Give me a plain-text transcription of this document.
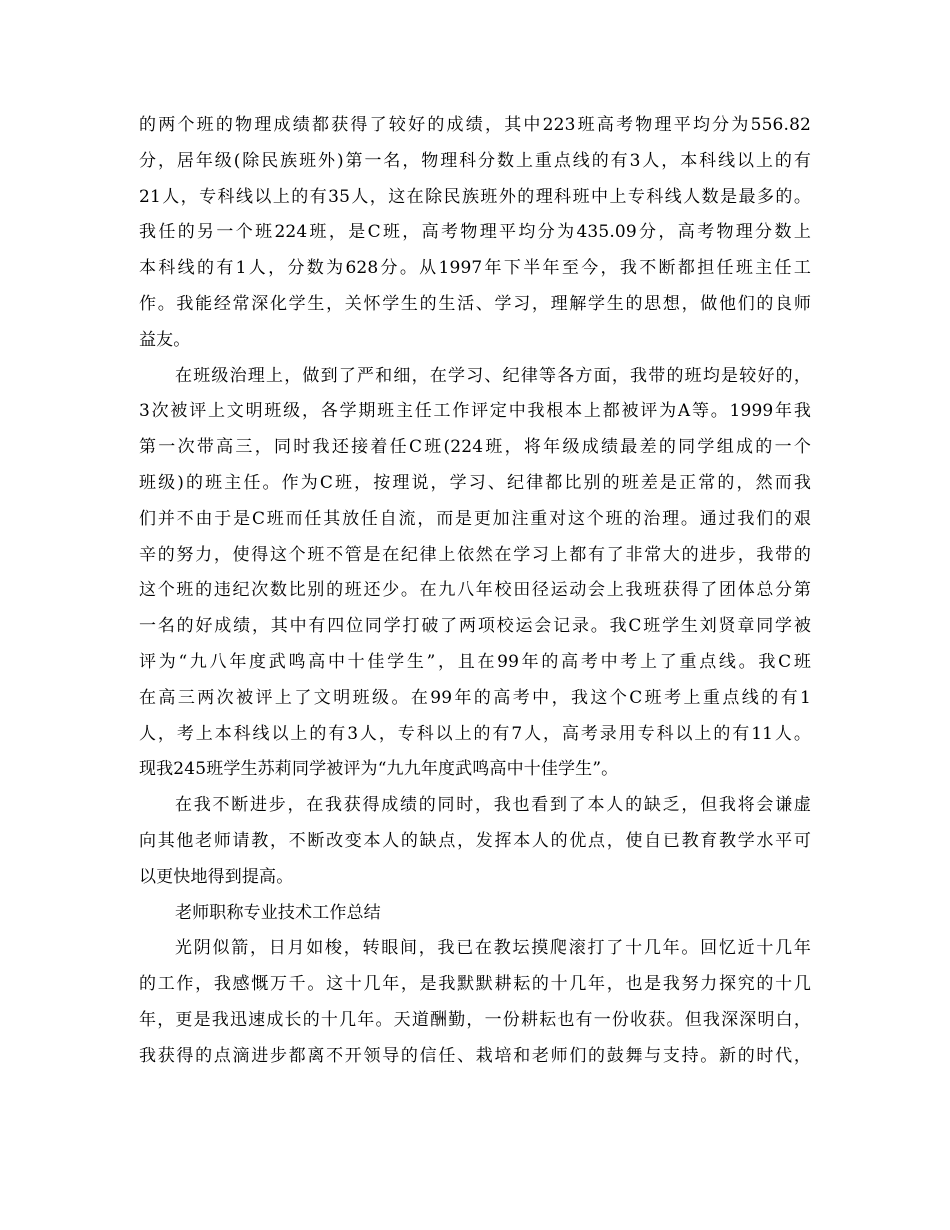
的两个班的物理成绩都获得了较好的成绩，其中223班高考物理平均分为556.82
分，居年级(除民族班外)第一名，物理科分数上重点线的有3人，本科线以上的有
21人，专科线以上的有35人，这在除民族班外的理科班中上专科线人数是最多的。
我任的另一个班224班，是C班，高考物理平均分为435.09分，高考物理分数上
本科线的有1人，分数为628分。从1997年下半年至今，我不断都担任班主任工
作。我能经常深化学生，关怀学生的生活、学习，理解学生的思想，做他们的良师
益友。
在班级治理上，做到了严和细，在学习、纪律等各方面，我带的班均是较好的，
3次被评上文明班级，各学期班主任工作评定中我根本上都被评为A等。1999年我
第一次带高三，同时我还接着任C班(224班，将年级成绩最差的同学组成的一个
班级)的班主任。作为C班，按理说，学习、纪律都比别的班差是正常的，然而我
们并不由于是C班而任其放任自流，而是更加注重对这个班的治理。通过我们的艰
辛的努力，使得这个班不管是在纪律上依然在学习上都有了非常大的进步，我带的
这个班的违纪次数比别的班还少。在九八年校田径运动会上我班获得了团体总分第
一名的好成绩，其中有四位同学打破了两项校运会记录。我C班学生刘贤章同学被
评为“九八年度武鸣高中十佳学生”，且在99年的高考中考上了重点线。我C班
在高三两次被评上了文明班级。在99年的高考中，我这个C班考上重点线的有1
人，考上本科线以上的有3人，专科以上的有7人，高考录用专科以上的有11人。
现我245班学生苏莉同学被评为“九九年度武鸣高中十佳学生”。
在我不断进步，在我获得成绩的同时，我也看到了本人的缺乏，但我将会谦虚
向其他老师请教，不断改变本人的缺点，发挥本人的优点，使自已教育教学水平可
以更快地得到提高。
老师职称专业技术工作总结
光阴似箭，日月如梭，转眼间，我已在教坛摸爬滚打了十几年。回忆近十几年
的工作，我感慨万千。这十几年，是我默默耕耘的十几年，也是我努力探究的十几
年，更是我迅速成长的十几年。天道酬勤，一份耕耘也有一份收获。但我深深明白，
我获得的点滴进步都离不开领导的信任、栽培和老师们的鼓舞与支持。新的时代，
